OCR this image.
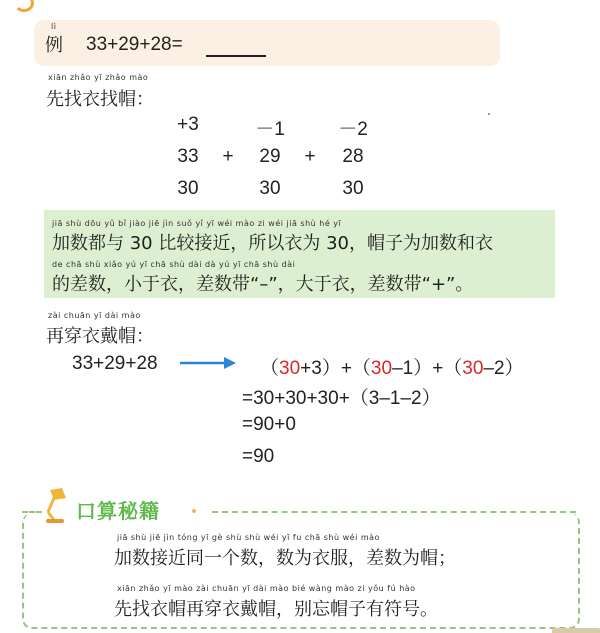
lì
例 33+29+28=
xiān zhǎo yī zhǎo mào
先找衣找帽：
+3	－1	－2
33	+	29	+	28
30	30	30
jiā shù dōu yǔ bǐ jiào jiē jìn suǒ yǐ yī wéi mào zi wéi jiā shù hé yī
加数都与 30 比较接近，所以衣为 30，帽子为加数和衣
de chā shù xiǎo yú yī chā shù dài dà yú yī chā shù dài
的差数，小于衣，差数带“–”，大于衣，差数带“+”。
zài chuān yī dài mào
再穿衣戴帽：
33+29+28	（30+3）+（30–1）+（30–2）
=30+30+30+（3–1–2）
=90+0
=90
口算秘籍
jiā shù jiē jìn tóng yī gè shù shù wéi yī fu chā shù wéi mào
加数接近同一个数，数为衣服，差数为帽；
xiān zhǎo yī mào zài chuān yī dài mào bié wàng mào zi yǒu fú hào
先找衣帽再穿衣戴帽，别忘帽子有符号。
